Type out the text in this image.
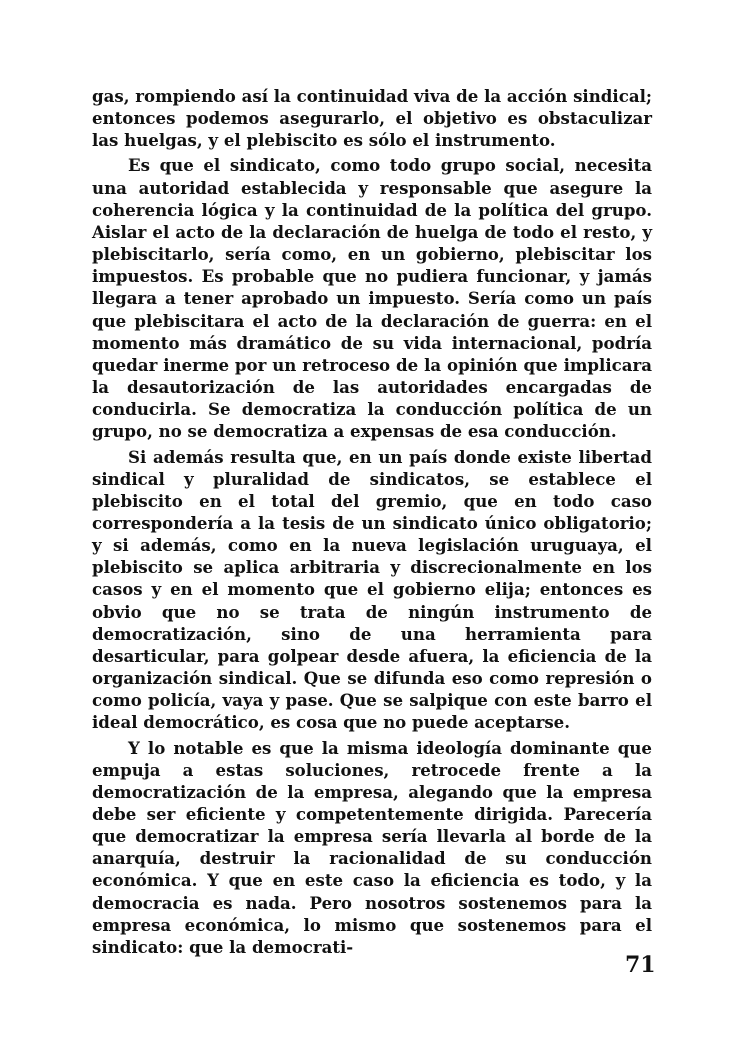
gas, rompiendo así la continuidad viva de la acción sindical; entonces podemos asegurarlo, el objetivo es obstaculizar las huelgas, y el plebiscito es sólo el instrumento.

Es que el sindicato, como todo grupo social, necesita una autoridad establecida y responsable que asegure la coherencia lógica y la continuidad de la política del grupo. Aislar el acto de la declaración de huelga de todo el resto, y plebiscitarlo, sería como, en un gobierno, plebiscitar los impuestos. Es probable que no pudiera funcionar, y jamás llegara a tener aprobado un impuesto. Sería como un país que plebiscitara el acto de la declaración de guerra: en el momento más dramático de su vida internacional, podría quedar inerme por un retroceso de la opinión que implicara la desautorización de las autoridades encargadas de conducirla. Se democratiza la conducción política de un grupo, no se democratiza a expensas de esa conducción.

Si además resulta que, en un país donde existe libertad sindical y pluralidad de sindicatos, se establece el plebiscito en el total del gremio, que en todo caso correspondería a la tesis de un sindicato único obligatorio; y si además, como en la nueva legislación uruguaya, el plebiscito se aplica arbitraria y discrecionalmente en los casos y en el momento que el gobierno elija; entonces es obvio que no se trata de ningún instrumento de democratización, sino de una herramienta para desarticular, para golpear desde afuera, la eficiencia de la organización sindical. Que se difunda eso como represión o como policía, vaya y pase. Que se salpique con este barro el ideal democrático, es cosa que no puede aceptarse.

Y lo notable es que la misma ideología dominante que empuja a estas soluciones, retrocede frente a la democratización de la empresa, alegando que la empresa debe ser eficiente y competentemente dirigida. Parecería que democratizar la empresa sería llevarla al borde de la anarquía, destruir la racionalidad de su conducción económica. Y que en este caso la eficiencia es todo, y la democracia es nada. Pero nosotros sostenemos para la empresa económica, lo mismo que sostenemos para el sindicato: que la democrati-

71
